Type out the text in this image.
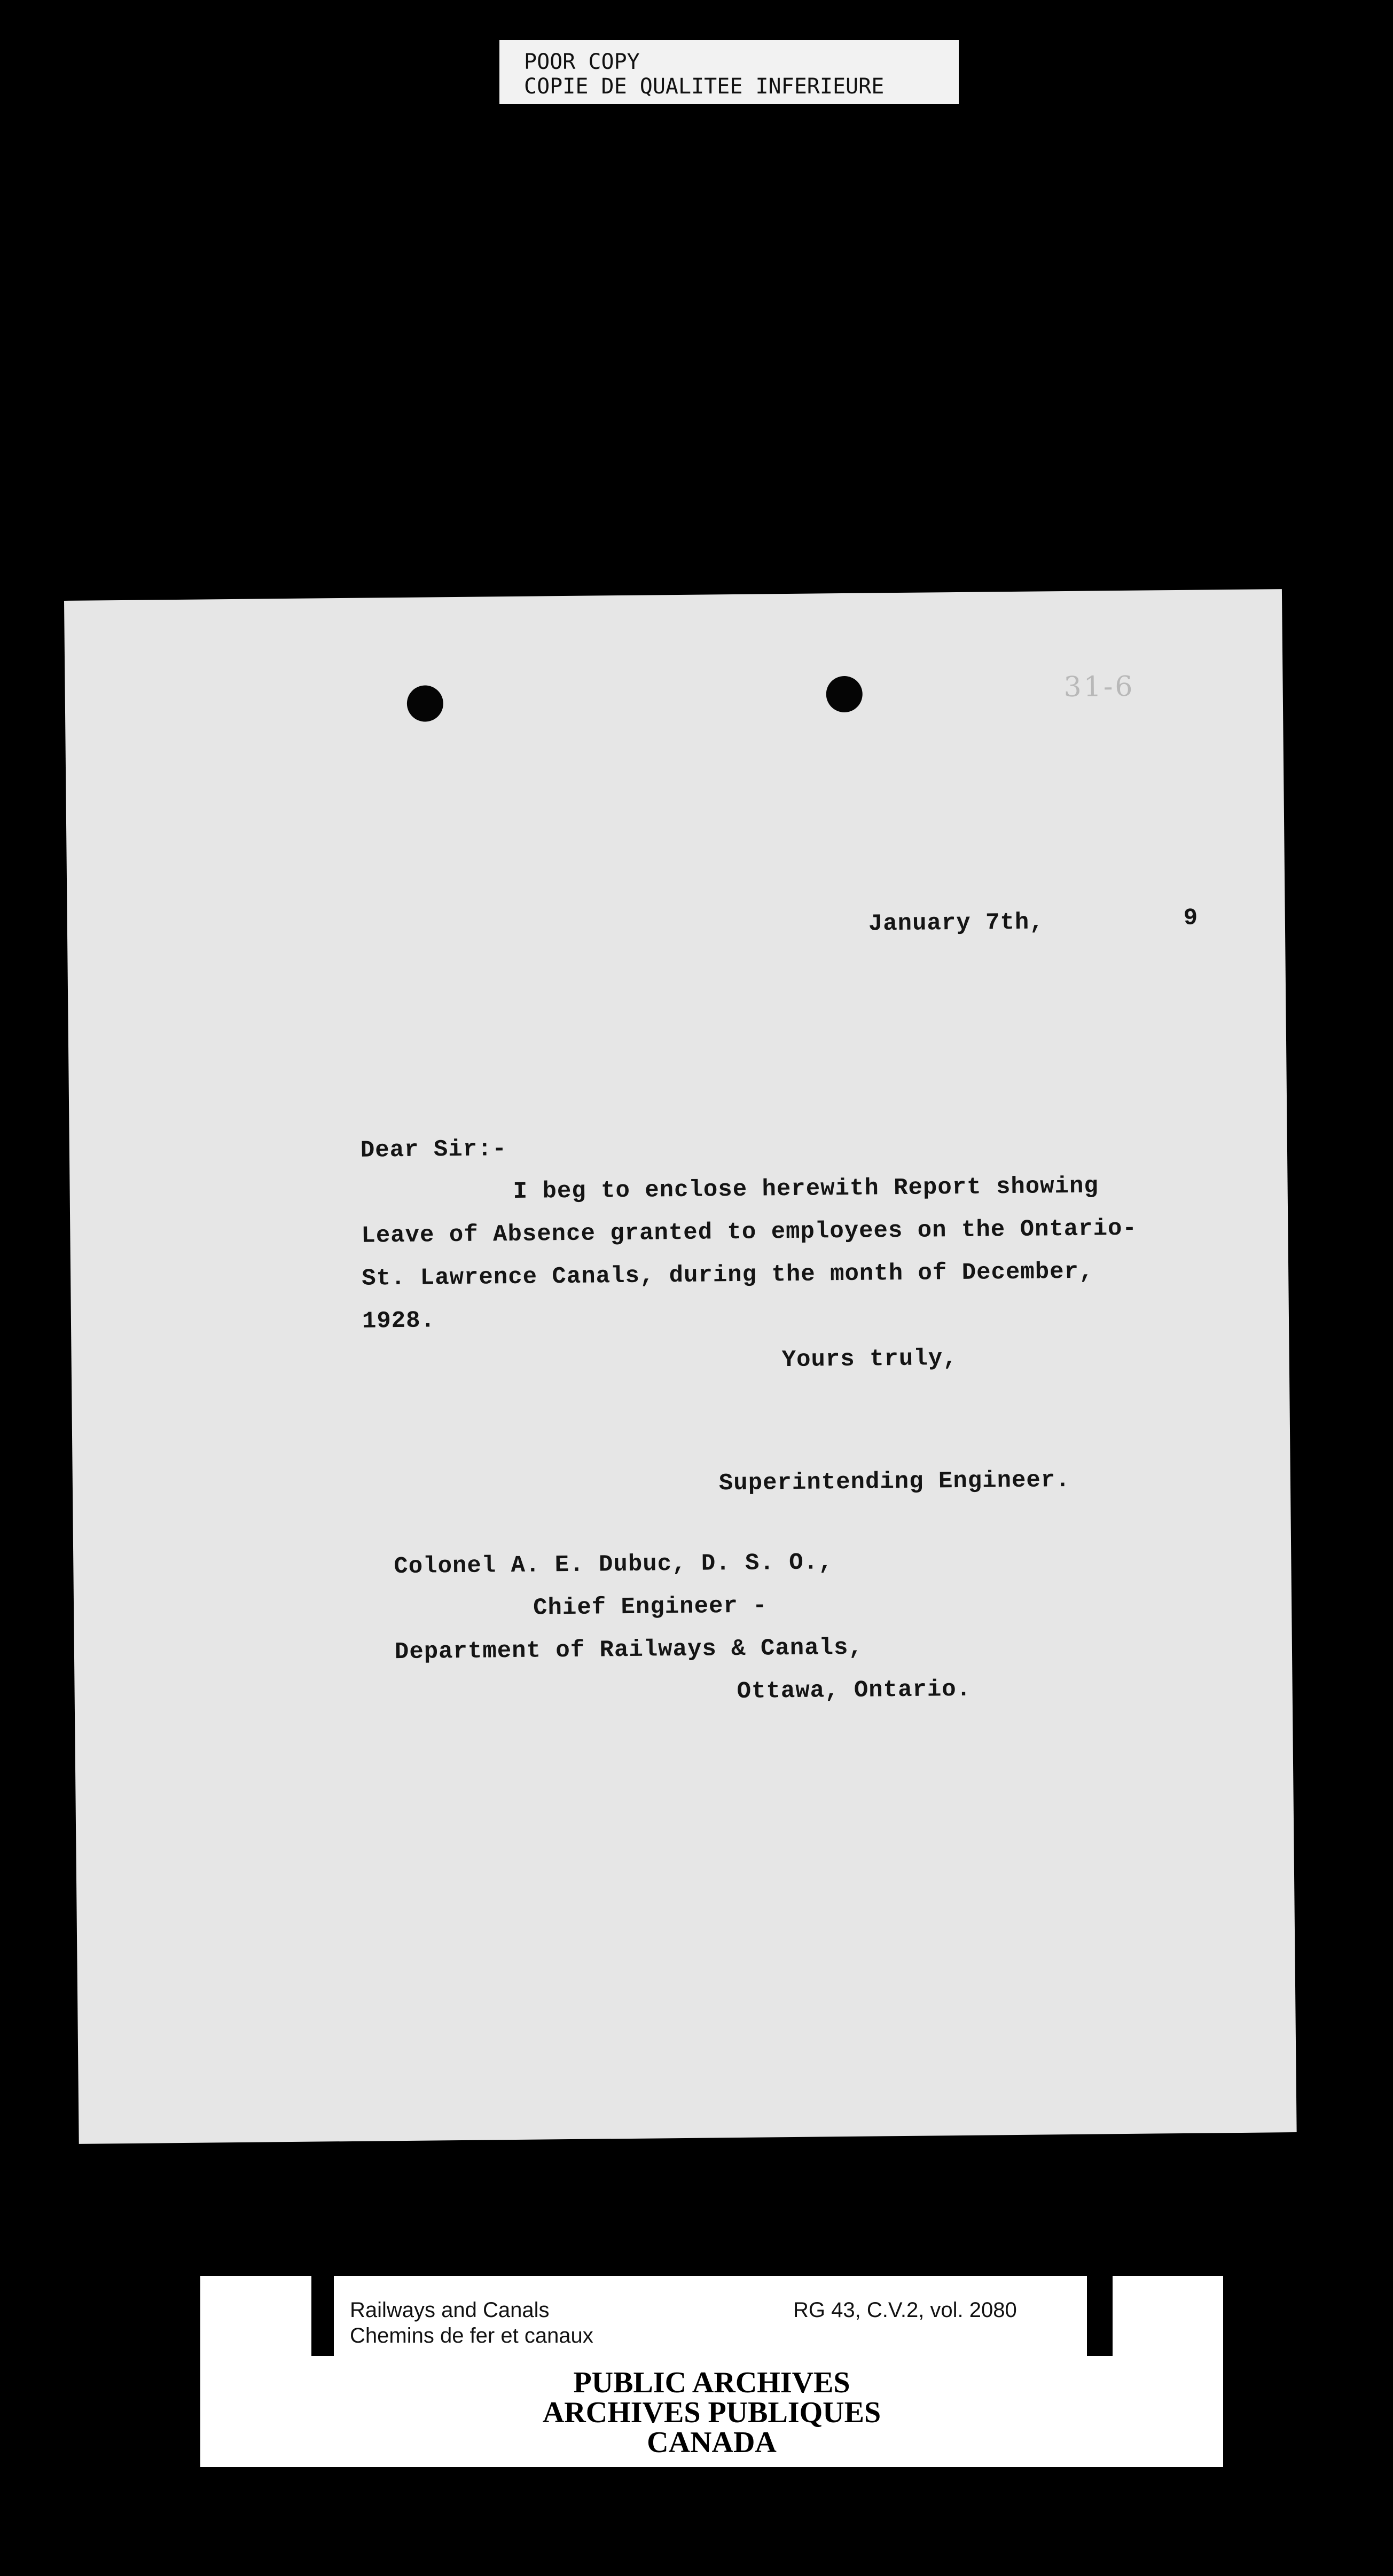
POOR COPY
COPIE DE QUALITEE INFERIEURE
31-6
January 7th,	9
Dear Sir:-
I beg to enclose herewith Report showing
Leave of Absence granted to employees on the Ontario-
St. Lawrence Canals, during the month of December,
1928.
Yours truly,
Superintending Engineer.
Colonel A. E. Dubuc, D. S. O.,
Chief Engineer -
Department of Railways & Canals,
Ottawa, Ontario.
Railways and Canals
Chemins de fer et canaux
RG 43, C.V.2, vol. 2080
PUBLIC ARCHIVES
ARCHIVES PUBLIQUES
CANADA
